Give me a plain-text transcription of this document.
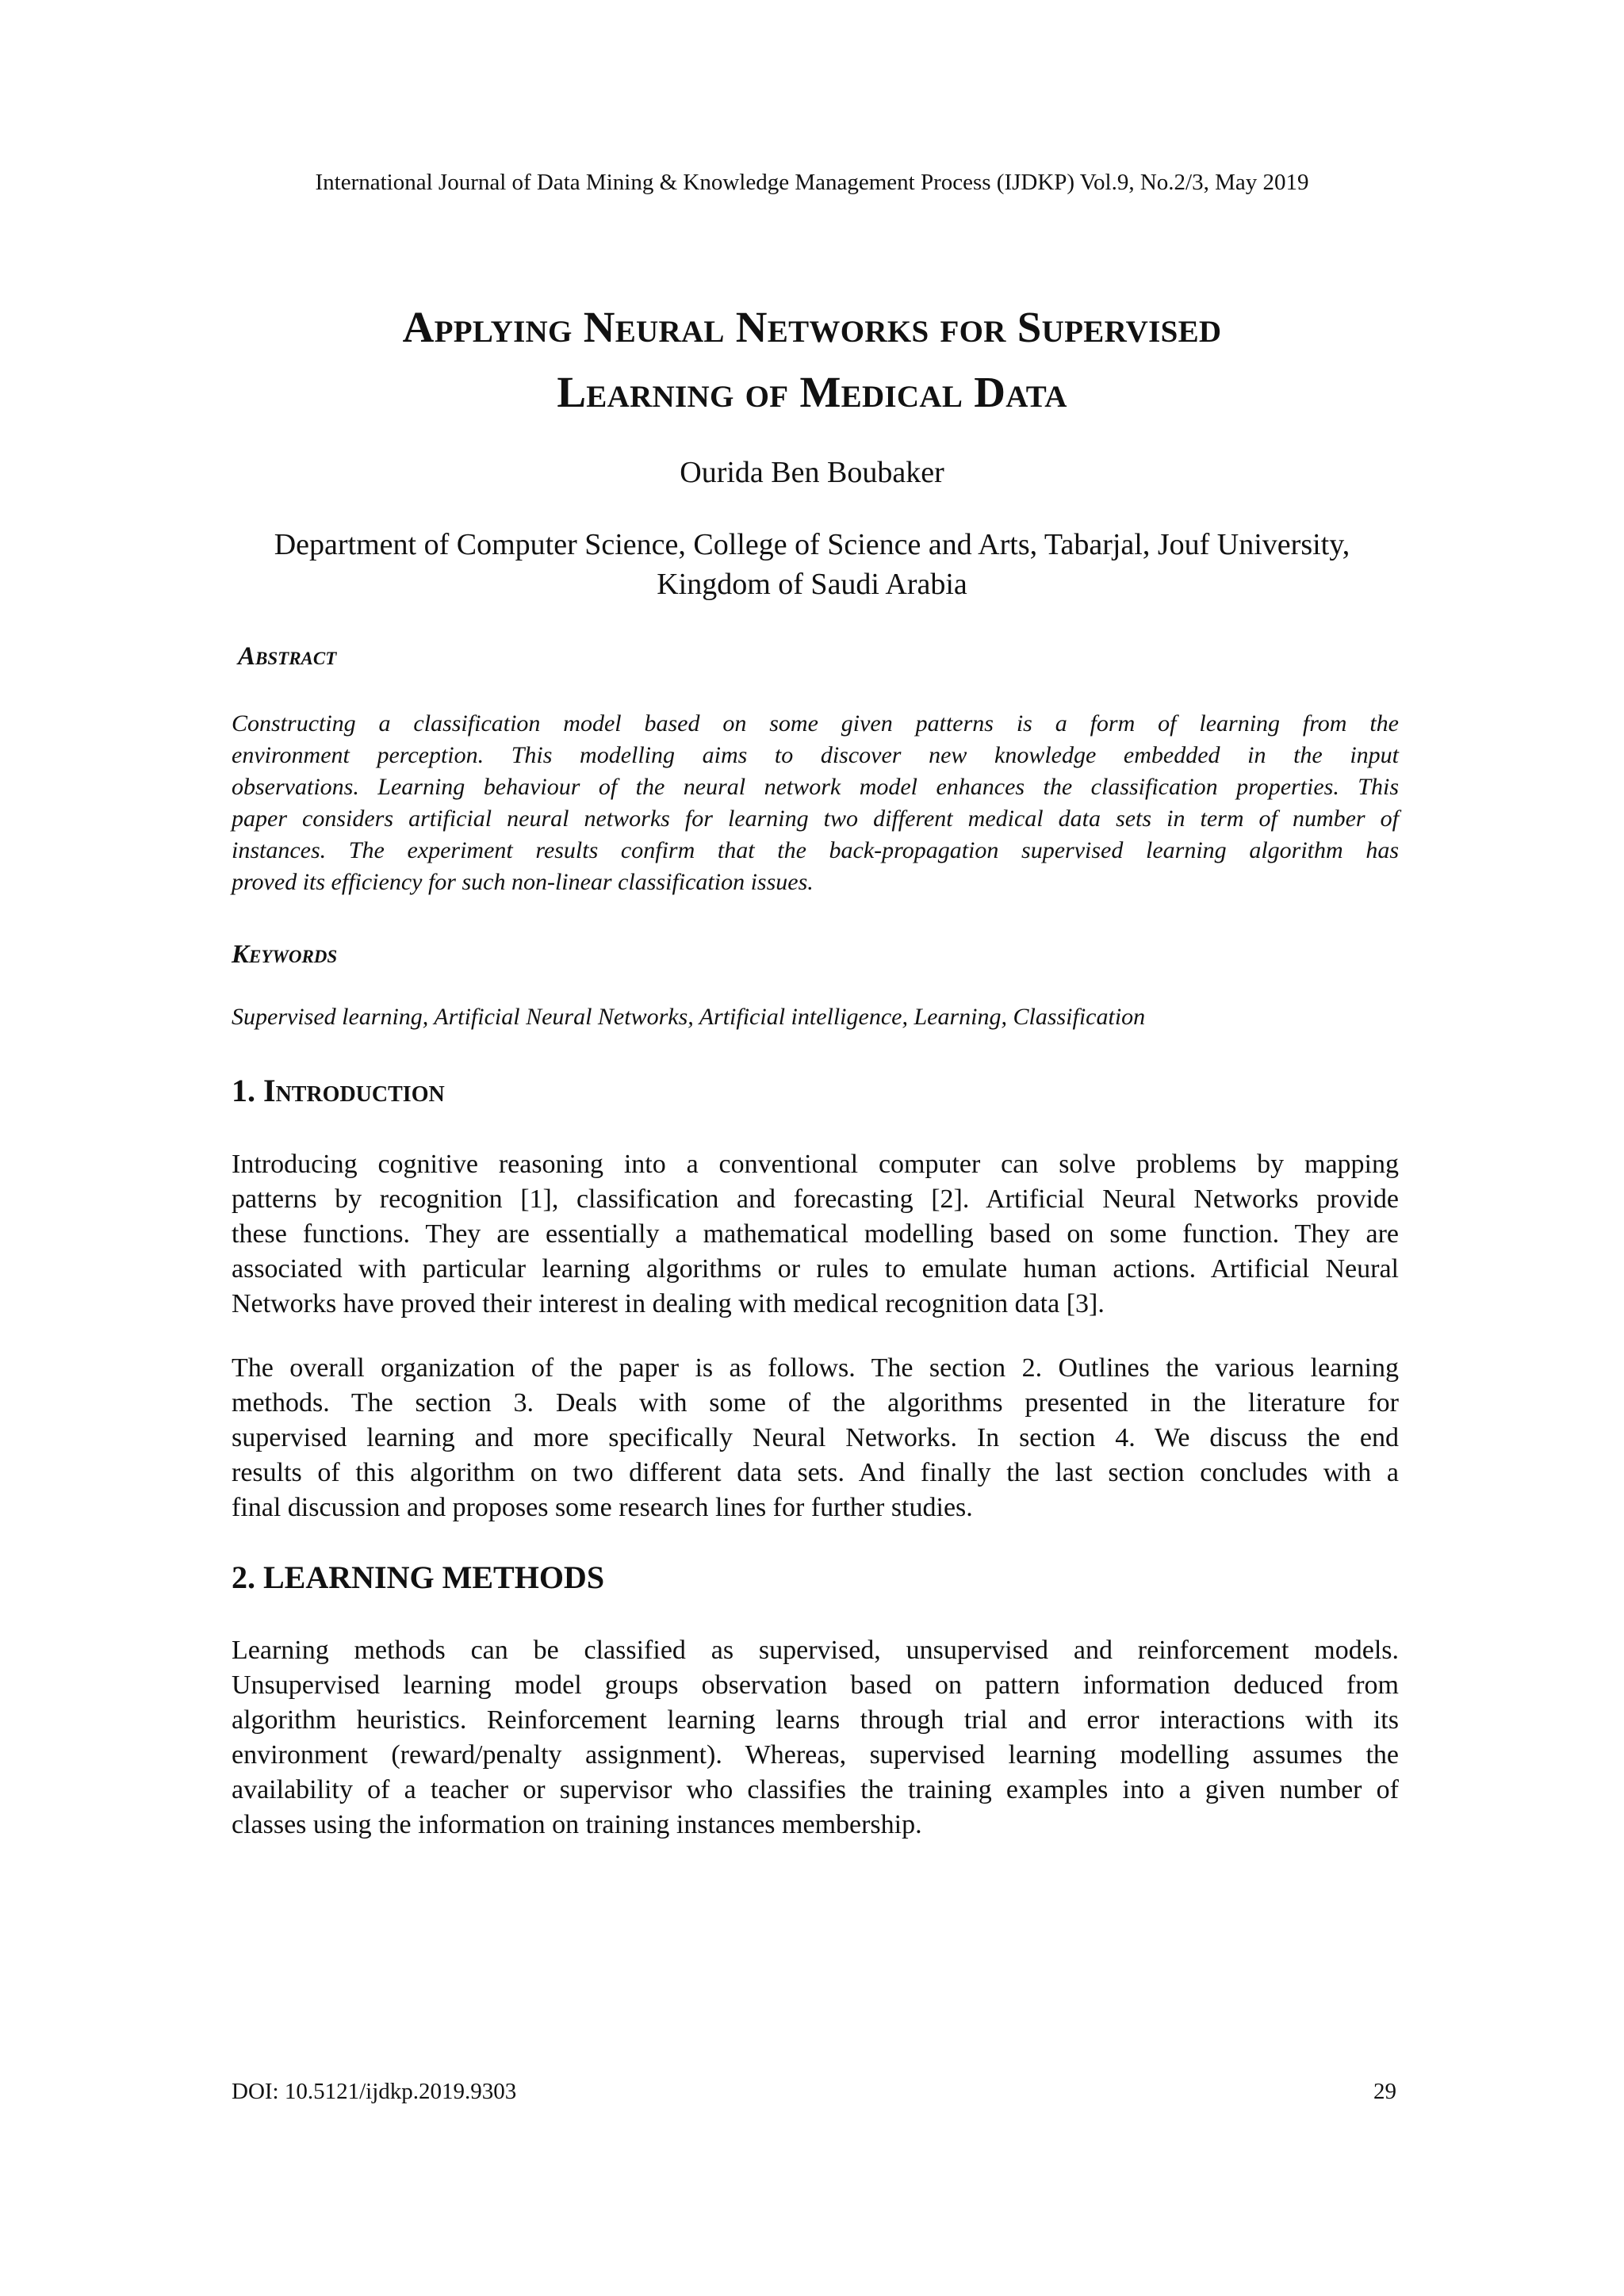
International Journal of Data Mining & Knowledge Management Process (IJDKP) Vol.9, No.2/3, May 2019
Applying Neural Networks for Supervised
Learning of Medical Data
Ourida Ben Boubaker
Department of Computer Science, College of Science and Arts, Tabarjal, Jouf University,
Kingdom of Saudi Arabia
Abstract
Constructing a classification model based on some given patterns is a form of learning from the
environment perception. This modelling aims to discover new knowledge embedded in the input
observations. Learning behaviour of the neural network model enhances the classification properties. This
paper considers artificial neural networks for learning two different medical data sets in term of number of
instances. The experiment results confirm that the back-propagation supervised learning algorithm has
proved its efficiency for such non-linear classification issues.
Keywords
Supervised learning, Artificial Neural Networks, Artificial intelligence, Learning, Classification
1. Introduction
Introducing cognitive reasoning into a conventional computer can solve problems by mapping
patterns by recognition [1], classification and forecasting [2]. Artificial Neural Networks provide
these functions. They are essentially a mathematical modelling based on some function. They are
associated with particular learning algorithms or rules to emulate human actions. Artificial Neural
Networks have proved their interest in dealing with medical recognition data [3].
The overall organization of the paper is as follows. The section 2. Outlines the various learning
methods. The section 3. Deals with some of the algorithms presented in the literature for
supervised learning and more specifically Neural Networks. In section 4. We discuss the end
results of this algorithm on two different data sets. And finally the last section concludes with a
final discussion and proposes some research lines for further studies.
2. LEARNING METHODS
Learning methods can be classified as supervised, unsupervised and reinforcement models.
Unsupervised learning model groups observation based on pattern information deduced from
algorithm heuristics. Reinforcement learning learns through trial and error interactions with its
environment (reward/penalty assignment). Whereas, supervised learning modelling assumes the
availability of a teacher or supervisor who classifies the training examples into a given number of
classes using the information on training instances membership.
DOI: 10.5121/ijdkp.2019.9303	29
